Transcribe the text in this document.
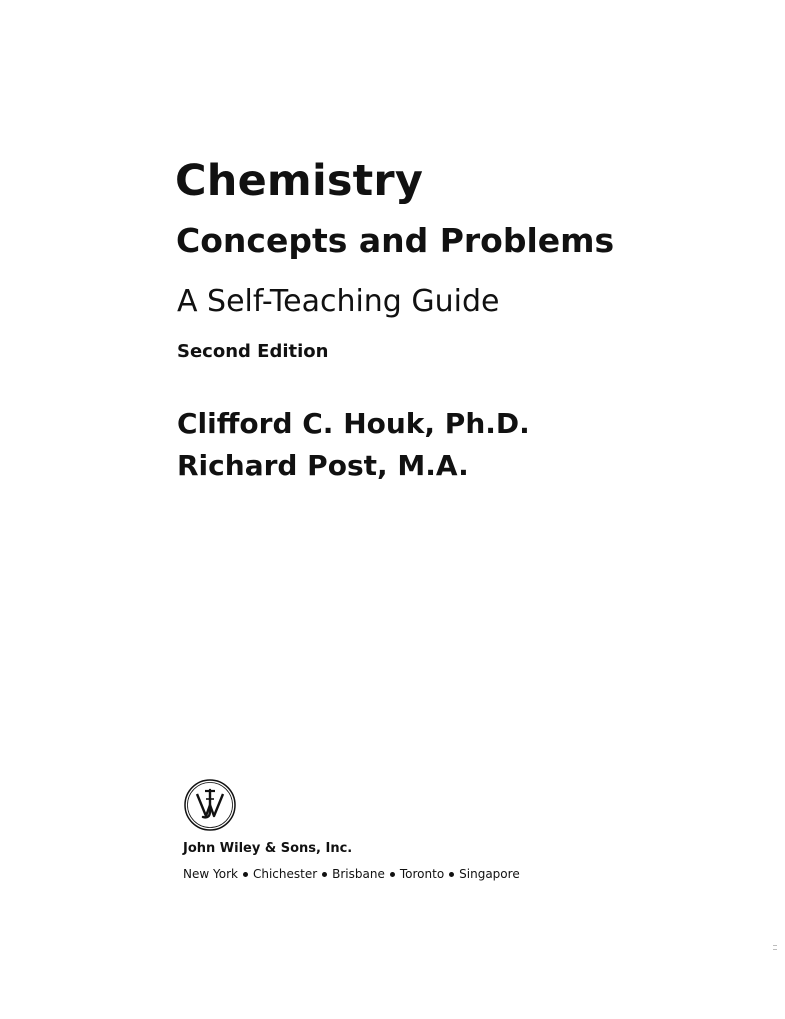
Chemistry
Concepts and Problems
A Self-Teaching Guide
Second Edition
Clifford C. Houk, Ph.D.
Richard Post, M.A.
John Wiley & Sons, Inc.
New York Chichester Brisbane Toronto Singapore
